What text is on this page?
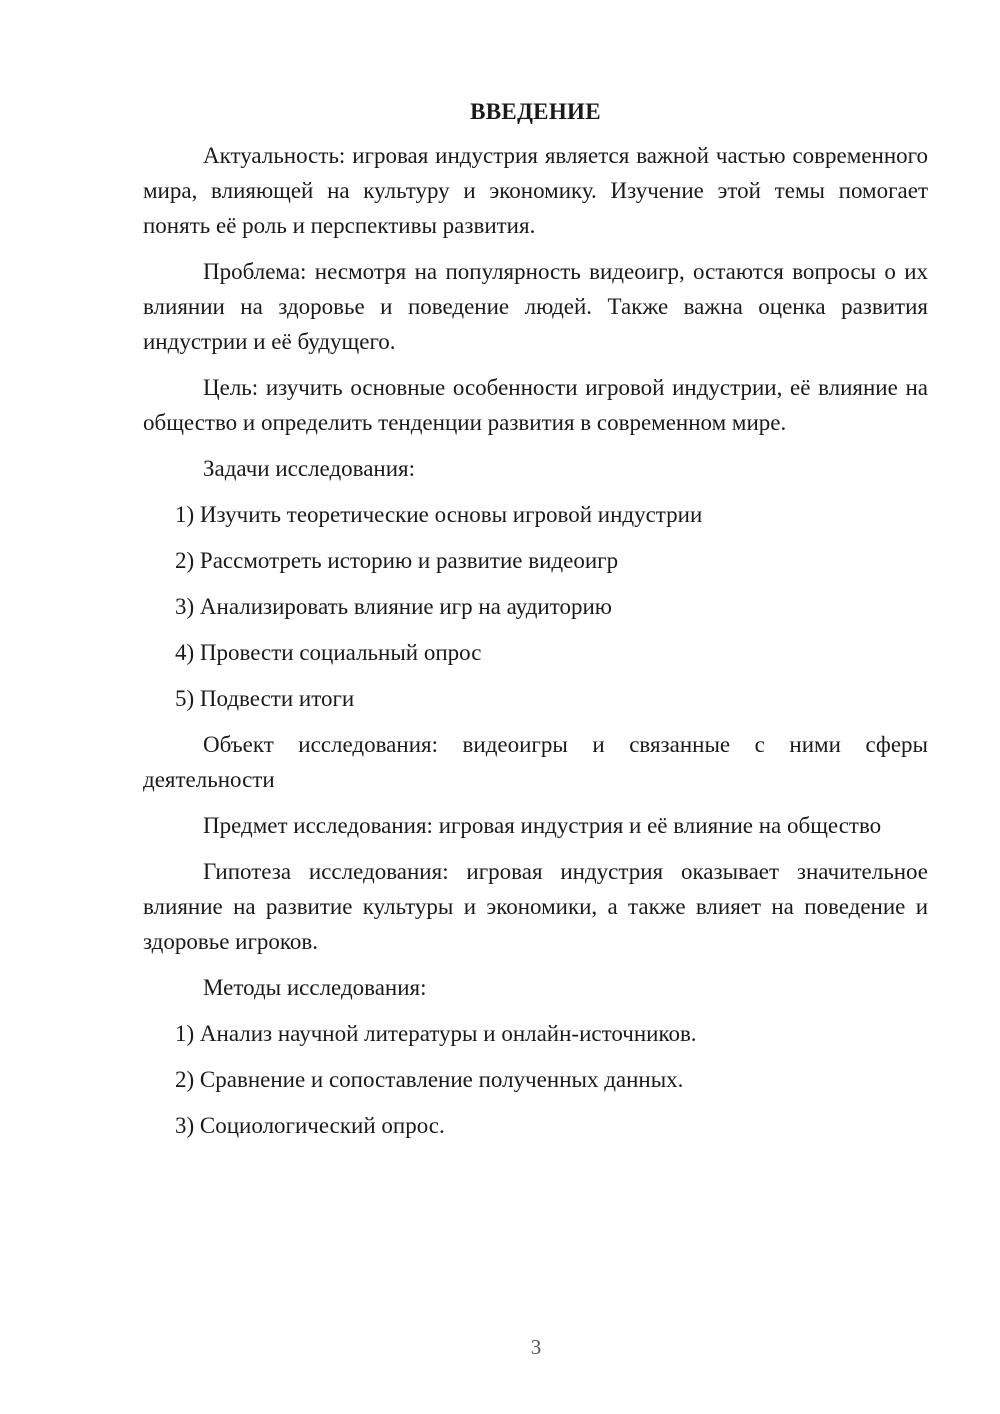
ВВЕДЕНИЕ

Актуальность: игровая индустрия является важной частью современного мира, влияющей на культуру и экономику. Изучение этой темы помогает понять её роль и перспективы развития.

Проблема: несмотря на популярность видеоигр, остаются вопросы о их влиянии на здоровье и поведение людей. Также важна оценка развития индустрии и её будущего.

Цель: изучить основные особенности игровой индустрии, её влияние на общество и определить тенденции развития в современном мире.

Задачи исследования:

1) Изучить теоретические основы игровой индустрии
2) Рассмотреть историю и развитие видеоигр
3) Анализировать влияние игр на аудиторию
4) Провести социальный опрос
5) Подвести итоги

Объект исследования: видеоигры и связанные с ними сферы деятельности

Предмет исследования: игровая индустрия и её влияние на общество

Гипотеза исследования: игровая индустрия оказывает значительное влияние на развитие культуры и экономики, а также влияет на поведение и здоровье игроков.

Методы исследования:

1) Анализ научной литературы и онлайн-источников.
2) Сравнение и сопоставление полученных данных.
3) Социологический опрос.
3
